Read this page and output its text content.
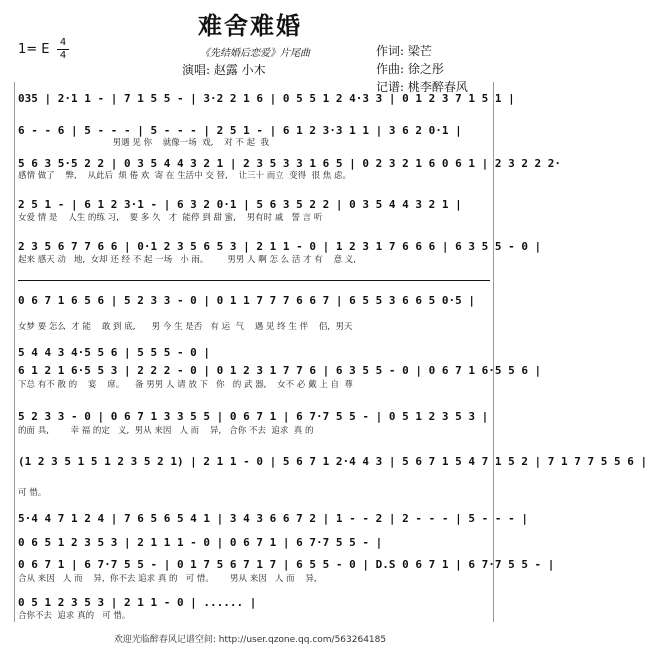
难舍难婚
1= E 4
4	《先结婚后恋爱》片尾曲
演唱: 赵露 小木
作词: 梁芒
作曲: 徐之彤
记谱: 桃李醉春风
035 | 2·1 1 - | 7 1 5 5 - | 3·2 2 1 6 | 0 5 5 1 2 4·3 3 | 0 1 2 3 7 1 5 1 |
6 - - 6 | 5 - - - | 5 - - - | 2 5 1 - | 6 1 2 3·3 1 1 | 3 6 2 0·1 |
男遇 见 你    就像一场  戏,    对 不 起  我
5 6 3 5·5 2 2 | 0 3 5 4 4 3 2 1 | 2 3 5 3 3 1 6 5 | 0 2 3 2 1 6 0 6 1 | 2 3 2 2 2·
感情 做了    弊,    从此后  烦 倦 欢  寄 在 生活中 交 替,    让三十 而立  变得  很 焦 虑。
2 5 1 - | 6 1 2 3·1 - | 6 3 2 0·1 | 5 6 3 5 2 2 | 0 3 5 4 4 3 2 1 |
女爱 情 是    人生 的练 习,    要 多 久   才  能停 到 甜 蜜,    男有时 戚   誓 言 听
2 3 5 6 7 7 6 6 | 0·1 2 3 5 6 5 3 | 2 1 1 - 0 | 1 2 3 1 7 6 6 6 | 6 3 5 5 - 0 |
起来 感天 动   地,  女却 还 经 不 起 一场   小 雨。       男男 人 啊 怎 么 活 才 有    意 义,
0 6 7 1 6 5 6 | 5 2 3 3 - 0 | 0 1 1 7 7 7 6 6 7 | 6 5 5 3 6 6 5 0·5 |
女梦 要 怎么  才 能    敢 到 底,      男 今 生 是否   有 运  气    遇 见 终 生 伴    侣,  男天
5 4 4 3 4·5 5 6 | 5 5 5 - 0 |
6 1 2 1 6·5 5 3 | 2 2 2 - 0 | 0 1 2 3 1 7 7 6 | 6 3 5 5 - 0 | 0 6 7 1 6·5 5 6 |
下总 有不 散 的    宴    席。    备 男男 人 请 放 下   你   的 武 器,    女不 必 戴 上 自  尊
5 2 3 3 - 0 | 0 6 7 1 3 3 5 5 | 0 6 7 1 | 6 7·7 5 5 - | 0 5 1 2 3 5 3 |
的面 具,        幸 福 的定   义,  男从 来因   人 而    异,   合你 不去  追求  真 的
(1 2 3 5 1 5 1 2 3 5 2 1) | 2 1 1 - 0 | 5 6 7 1 2·4 4 3 | 5 6 7 1 5 4 7 1 5 2 | 7 1 7 7 5 5 6 |
可 惜。
5·4 4 7 1 2 4 | 7 6 5 6 5 4 1 | 3 4 3 6 6 7 2 | 1 - - 2 | 2 - - - | 5 - - - |
0 6 5 1 2 3 5 3 | 2 1 1 1 - 0 | 0 6 7 1 | 6 7·7 5 5 - |
0 6 7 1 | 6 7·7 5 5 - | 0 1 7 5 6 7 1 7 | 6 5 5 - 0 | D.S 0 6 7 1 | 6 7·7 5 5 - |
合从 来因   人 而    异,  你不去 追求 真 的   可 惜。      男从 来因   人 而    异,
0 5 1 2 3 5 3 | 2 1 1 - 0 | ...... |
合你不去  追求 真的   可 惜。
欢迎光临醉春风记谱空间: http://user.qzone.qq.com/563264185
